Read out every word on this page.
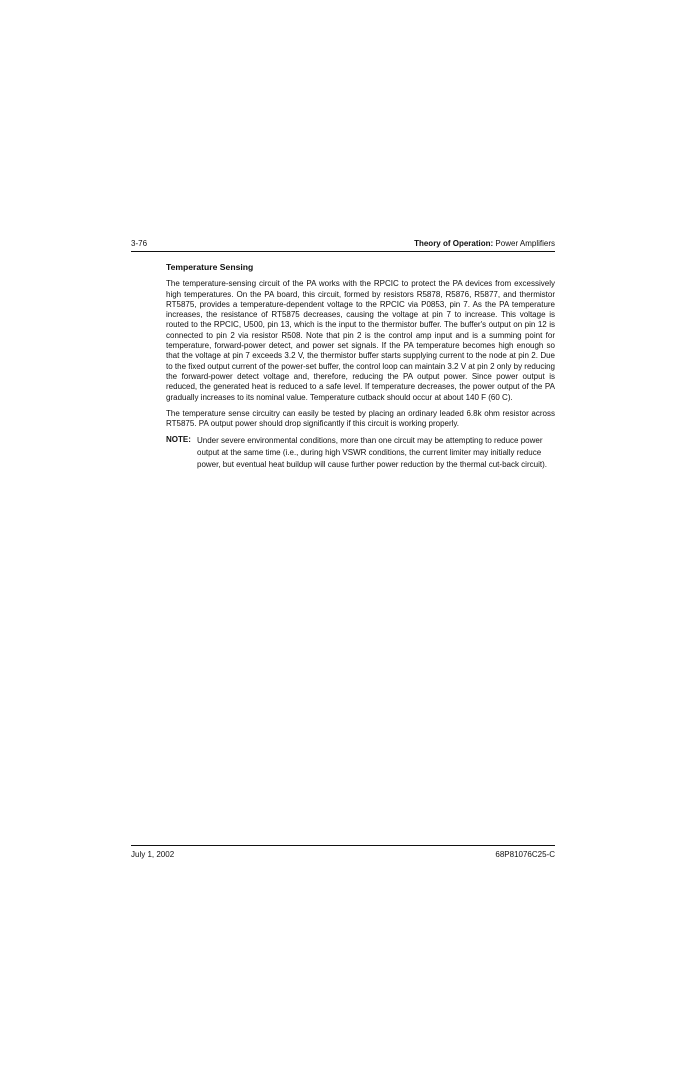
3-76	Theory of Operation: Power Amplifiers
Temperature Sensing

The temperature-sensing circuit of the PA works with the RPCIC to protect the PA devices from excessively high temperatures. On the PA board, this circuit, formed by resistors R5878, R5876, R5877, and thermistor RT5875, provides a temperature-dependent voltage to the RPCIC via P0853, pin 7. As the PA temperature increases, the resistance of RT5875 decreases, causing the voltage at pin 7 to increase. This voltage is routed to the RPCIC, U500, pin 13, which is the input to the thermistor buffer. The buffer's output on pin 12 is connected to pin 2 via resistor R508. Note that pin 2 is the control amp input and is a summing point for temperature, forward-power detect, and power set signals. If the PA temperature becomes high enough so that the voltage at pin 7 exceeds 3.2 V, the thermistor buffer starts supplying current to the node at pin 2. Due to the fixed output current of the power-set buffer, the control loop can maintain 3.2 V at pin 2 only by reducing the forward-power detect voltage and, therefore, reducing the PA output power. Since power output is reduced, the generated heat is reduced to a safe level. If temperature decreases, the power output of the PA gradually increases to its nominal value. Temperature cutback should occur at about 140 F (60 C).

The temperature sense circuitry can easily be tested by placing an ordinary leaded 6.8k ohm resistor across RT5875. PA output power should drop significantly if this circuit is working properly.

NOTE: Under severe environmental conditions, more than one circuit may be attempting to reduce power output at the same time (i.e., during high VSWR conditions, the current limiter may initially reduce power, but eventual heat buildup will cause further power reduction by the thermal cut-back circuit).
July 1, 2002	68P81076C25-C
